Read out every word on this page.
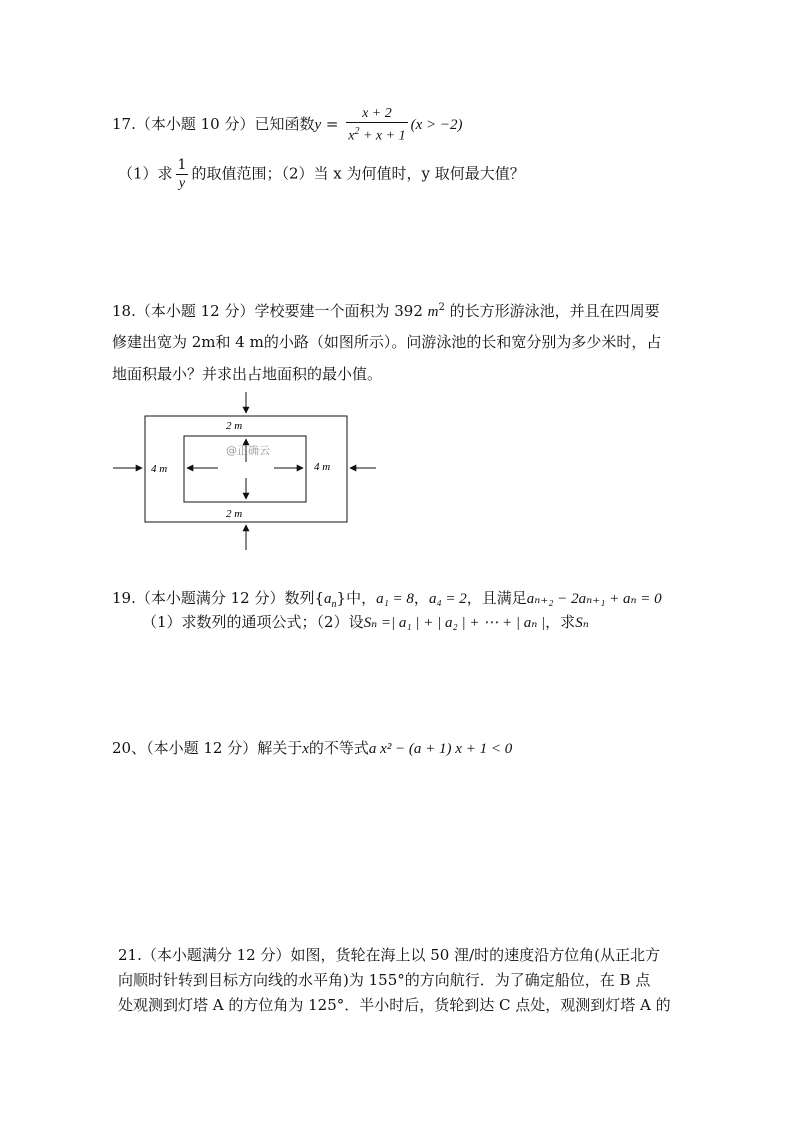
17.（本小题 10 分）已知函数$y = \frac{x + 2}{x^2 + x + 1} (x > -2)$
（1）求 $\frac{1}{y}$ 的取值范围；（2）当 x 为何值时，y 取何最大值？
18.（本小题 12 分）学校要建一个面积为 392 $m^2$ 的长方形游泳池，并且在四周要
修建出宽为 2m和 4 m的小路（如图所示）。问游泳池的长和宽分别为多少米时，占
地面积最小？并求出占地面积的最小值。
2 m
2 m
4 m	4 m
@正确云
19.（本小题满分 12 分）数列$\{a_n\}$中，a₁ = 8，a₄ = 2，且满足aₙ₊₂ − 2aₙ₊₁ + aₙ = 0
（1）求数列的通项公式；（2）设Sₙ =| a₁ | + | a₂ | + ⋯ + | aₙ |，求Sₙ
20、（本小题 12 分）解关于x的不等式a x² − (a + 1) x + 1 < 0
21.（本小题满分 12 分）如图，货轮在海上以 50 浬/时的速度沿方位角(从正北方
向顺时针转到目标方向线的水平角)为 155°的方向航行．为了确定船位，在 B 点
处观测到灯塔 A 的方位角为 125°．半小时后，货轮到达 C 点处，观测到灯塔 A 的
